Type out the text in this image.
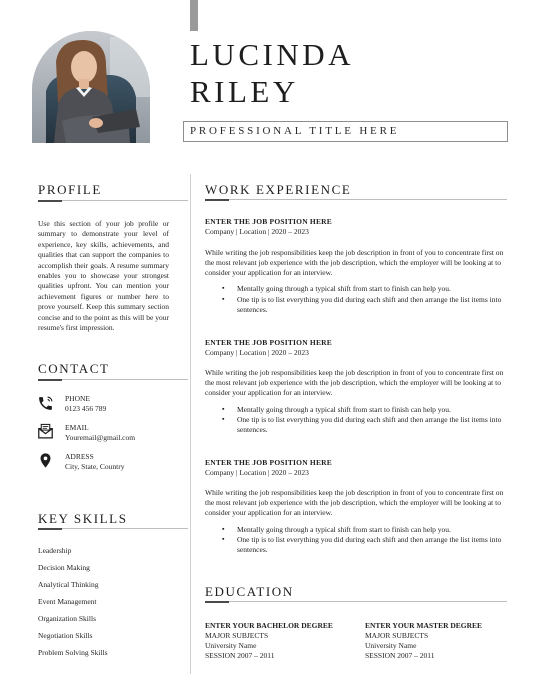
LUCINDA
RILEY
PROFESSIONAL TITLE HERE
PROFILE
Use this section of your job profile or summary to demonstrate your level of experience, key skills, achievements, and qualities that can support the companies to accomplish their goals. A resume summary enables you to showcase your strongest qualities upfront. You can mention your achievement figures or number here to prove yourself. Keep this summary section concise and to the point as this will be your resume's first impression.
CONTACT
PHONE
0123 456 789
EMAIL
Youremail@gmail.com
ADRESS
City, State, Country
KEY SKILLS
Leadership
Decision Making
Analytical Thinking
Event Management
Organization Skills
Negotiation Skills
Problem Solving Skills
WORK EXPERIENCE
ENTER THE JOB POSITION HERE
Company | Location | 2020 – 2023
While writing the job responsibilities keep the job description in front of you to concentrate first on the most relevant job experience with the job description, which the employer will be looking at to consider your application for an interview.
▪	Mentally going through a typical shift from start to finish can help you.
▪	One tip is to list everything you did during each shift and then arrange the list items into sentences.
ENTER THE JOB POSITION HERE
Company | Location | 2020 – 2023
While writing the job responsibilities keep the job description in front of you to concentrate first on the most relevant job experience with the job description, which the employer will be looking at to consider your application for an interview.
▪	Mentally going through a typical shift from start to finish can help you.
▪	One tip is to list everything you did during each shift and then arrange the list items into sentences.
ENTER THE JOB POSITION HERE
Company | Location | 2020 – 2023
While writing the job responsibilities keep the job description in front of you to concentrate first on the most relevant job experience with the job description, which the employer will be looking at to consider your application for an interview.
▪	Mentally going through a typical shift from start to finish can help you.
▪	One tip is to list everything you did during each shift and then arrange the list items into sentences.
EDUCATION
ENTER YOUR BACHELOR DEGREE
MAJOR SUBJECTS
University Name
SESSION 2007 – 2011
ENTER YOUR MASTER DEGREE
MAJOR SUBJECTS
University Name
SESSION 2007 – 2011
